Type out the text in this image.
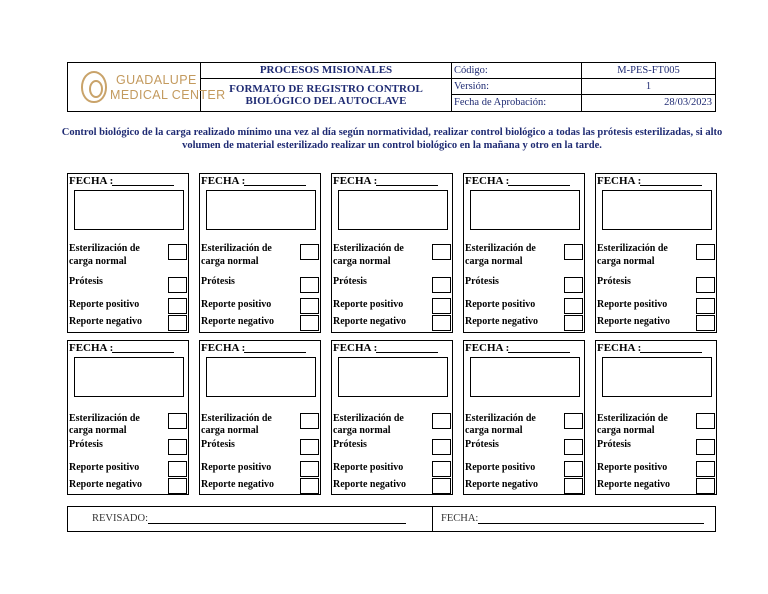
GUADALUPE
MEDICAL CENTER
PROCESOS MISIONALES
FORMATO DE REGISTRO CONTROL BIOLÓGICO DEL AUTOCLAVE
Código:	M-PES-FT005
Versión:	1
Fecha de Aprobación:	28/03/2023
Control biológico de la carga realizado mínimo una vez al día según normatividad, realizar control biológico a todas las prótesis esterilizadas, si alto volumen de material esterilizado realizar un control biológico en la mañana y otro en la tarde.
FECHA :
Esterilización de
carga normal
Prótesis
Reporte positivo
Reporte negativo
FECHA :
Esterilización de
carga normal
Prótesis
Reporte positivo
Reporte negativo
FECHA :
Esterilización de
carga normal
Prótesis
Reporte positivo
Reporte negativo
FECHA :
Esterilización de
carga normal
Prótesis
Reporte positivo
Reporte negativo
FECHA :
Esterilización de
carga normal
Prótesis
Reporte positivo
Reporte negativo
FECHA :
Esterilización de
carga normal
Prótesis
Reporte positivo
Reporte negativo
FECHA :
Esterilización de
carga normal
Prótesis
Reporte positivo
Reporte negativo
FECHA :
Esterilización de
carga normal
Prótesis
Reporte positivo
Reporte negativo
FECHA :
Esterilización de
carga normal
Prótesis
Reporte positivo
Reporte negativo
FECHA :
Esterilización de
carga normal
Prótesis
Reporte positivo
Reporte negativo
REVISADO:	FECHA:
